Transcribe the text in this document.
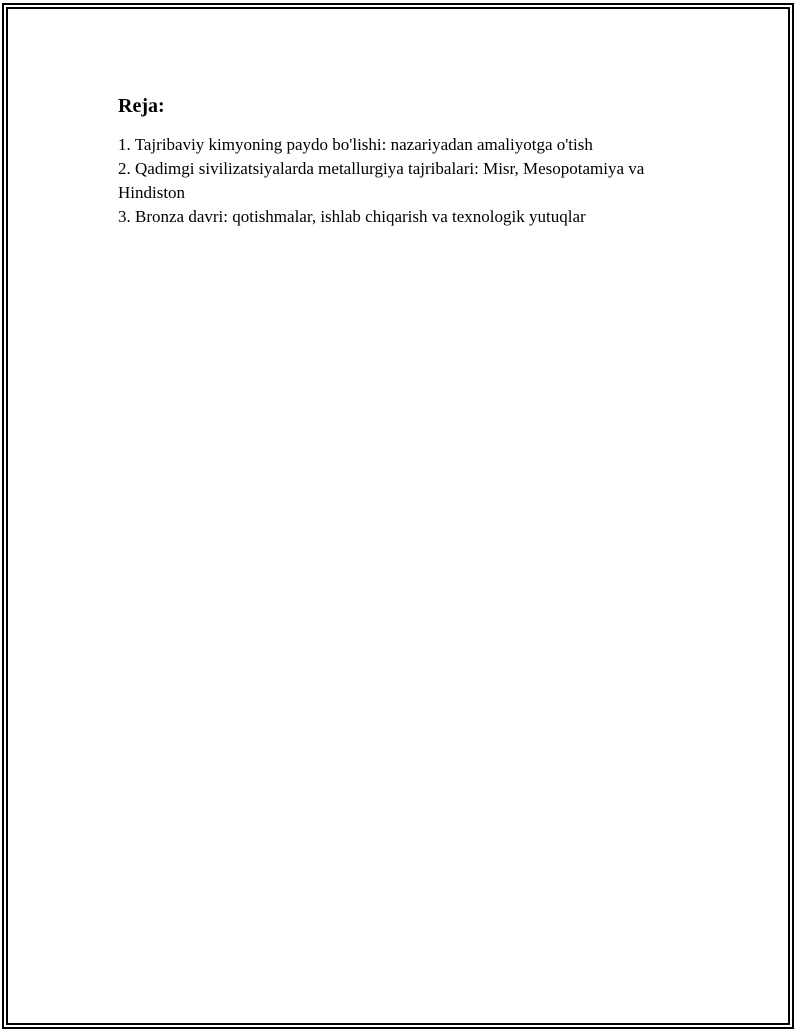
Reja:
1. Tajribaviy kimyoning paydo bo'lishi: nazariyadan amaliyotga o'tish
2. Qadimgi sivilizatsiyalarda metallurgiya tajribalari: Misr, Mesopotamiya va Hindiston
3. Bronza davri: qotishmalar, ishlab chiqarish va texnologik yutuqlar
